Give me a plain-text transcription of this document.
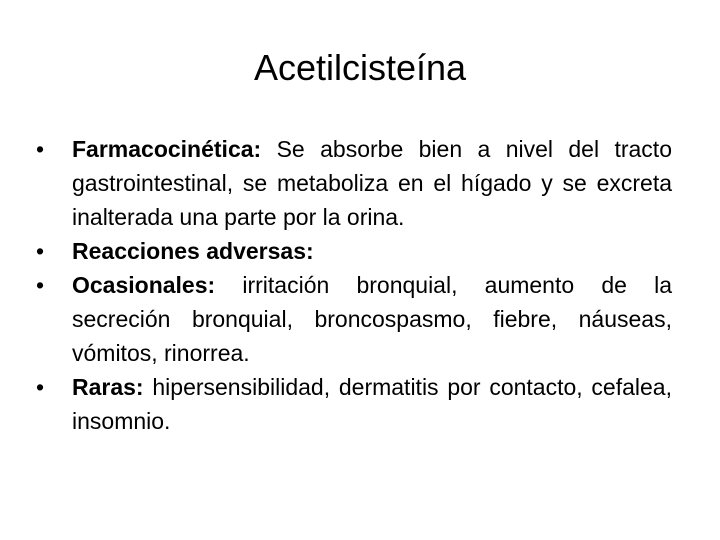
Acetilcisteína
•	Farmacocinética: Se absorbe bien a nivel del tracto gastrointestinal, se metaboliza en el hígado y se excreta inalterada una parte por la orina.
•	Reacciones adversas:
•	Ocasionales: irritación bronquial, aumento de la secreción bronquial, broncospasmo, fiebre, náuseas, vómitos, rinorrea.
•	Raras: hipersensibilidad, dermatitis por contacto, cefalea, insomnio.
